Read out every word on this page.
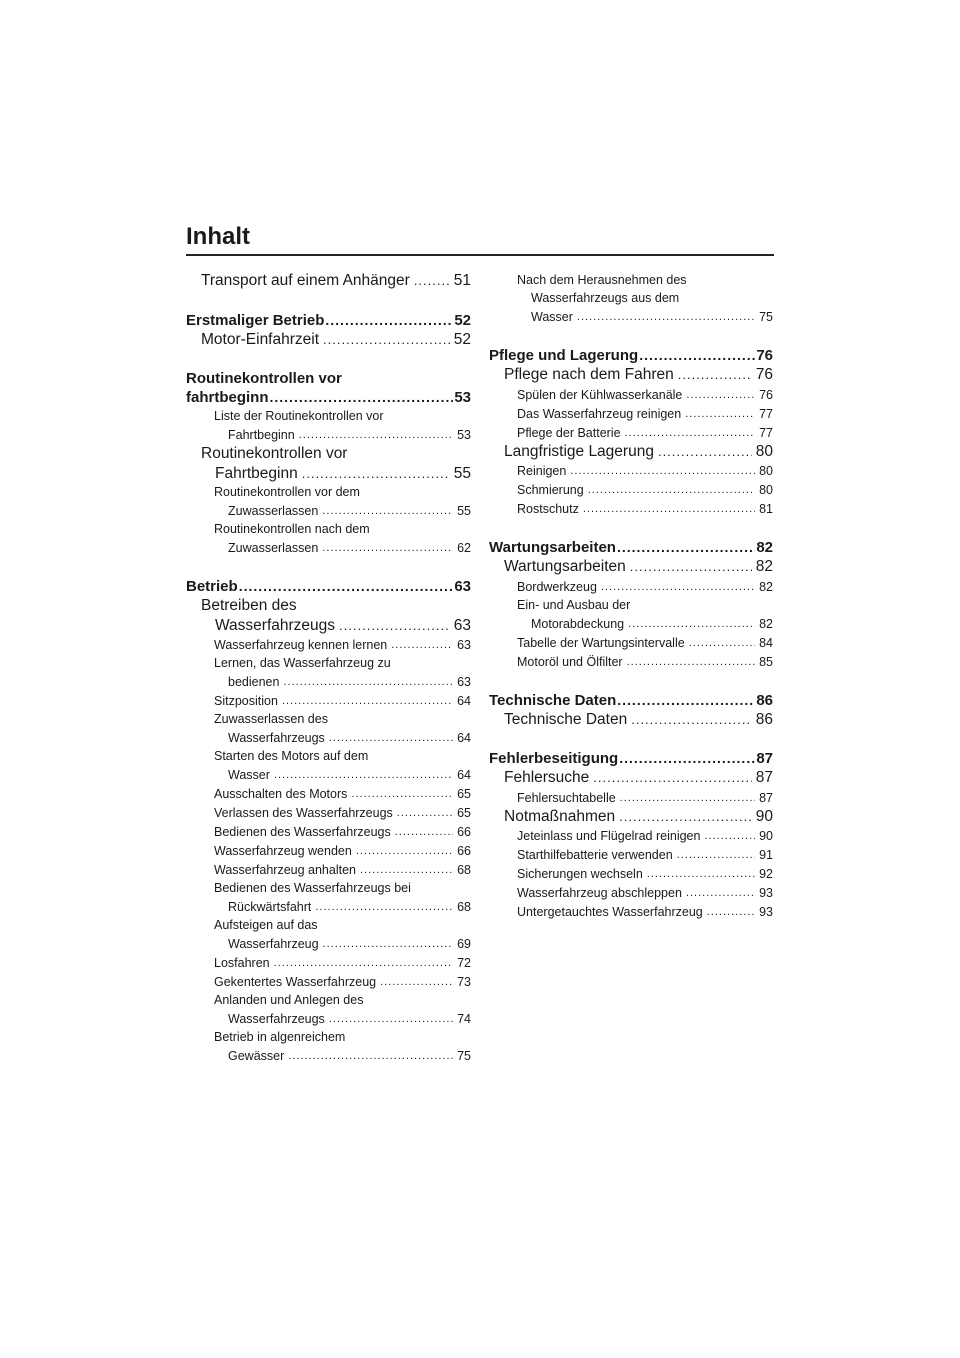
Inhalt
Transport auf einem Anhänger .....	51
Erstmaliger Betrieb .....	52
Motor-Einfahrzeit .....	52
Routinekontrollen vor
fahrtbeginn .....	53
Liste der Routinekontrollen vor
Fahrtbeginn .....	53
Routinekontrollen vor
Fahrtbeginn .....	55
Routinekontrollen vor dem
Zuwasserlassen .....	55
Routinekontrollen nach dem
Zuwasserlassen .....	62
Betrieb .....	63
Betreiben des
Wasserfahrzeugs .....	63
Wasserfahrzeug kennen lernen .....	63
Lernen, das Wasserfahrzeug zu
bedienen .....	63
Sitzposition .....	64
Zuwasserlassen des
Wasserfahrzeugs .....	64
Starten des Motors auf dem
Wasser .....	64
Ausschalten des Motors .....	65
Verlassen des Wasserfahrzeugs .....	65
Bedienen des Wasserfahrzeugs .....	66
Wasserfahrzeug wenden .....	66
Wasserfahrzeug anhalten .....	68
Bedienen des Wasserfahrzeugs bei
Rückwärtsfahrt .....	68
Aufsteigen auf das
Wasserfahrzeug .....	69
Losfahren .....	72
Gekentertes Wasserfahrzeug .....	73
Anlanden und Anlegen des
Wasserfahrzeugs .....	74
Betrieb in algenreichem
Gewässer .....	75
Nach dem Herausnehmen des
Wasserfahrzeugs aus dem
Wasser .....	75
Pflege und Lagerung .....	76
Pflege nach dem Fahren .....	76
Spülen der Kühlwasserkanäle .....	76
Das Wasserfahrzeug reinigen .....	77
Pflege der Batterie .....	77
Langfristige Lagerung .....	80
Reinigen .....	80
Schmierung .....	80
Rostschutz .....	81
Wartungsarbeiten .....	82
Wartungsarbeiten .....	82
Bordwerkzeug .....	82
Ein- und Ausbau der
Motorabdeckung .....	82
Tabelle der Wartungsintervalle .....	84
Motoröl und Ölfilter .....	85
Technische Daten .....	86
Technische Daten .....	86
Fehlerbeseitigung .....	87
Fehlersuche .....	87
Fehlersuchtabelle .....	87
Notmaßnahmen .....	90
Jeteinlass und Flügelrad reinigen .....	90
Starthilfebatterie verwenden .....	91
Sicherungen wechseln .....	92
Wasserfahrzeug abschleppen .....	93
Untergetauchtes Wasserfahrzeug .....	93
